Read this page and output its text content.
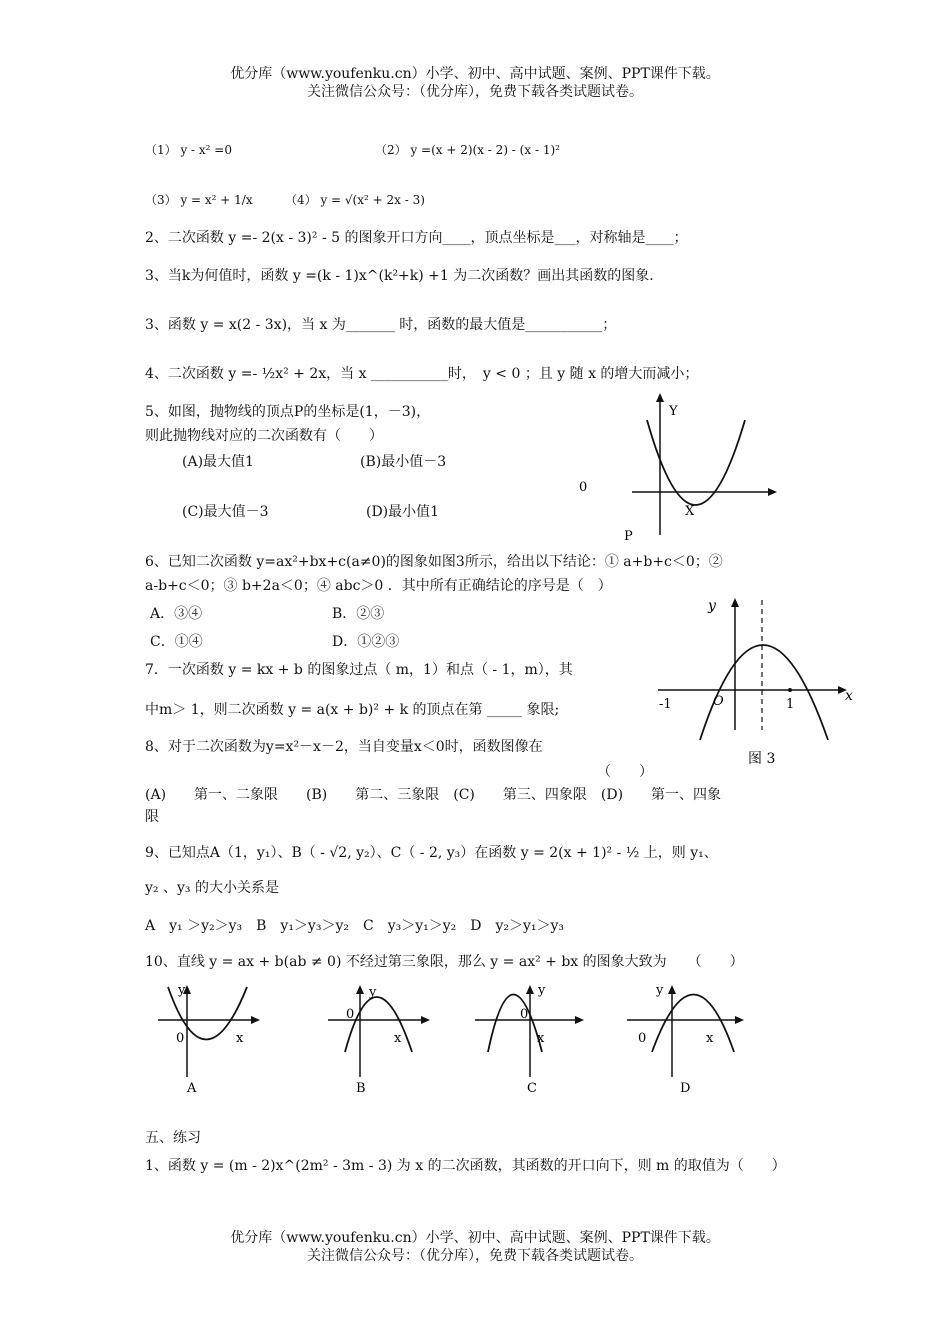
优分库（www.youfenku.cn）小学、初中、高中试题、案例、PPT课件下载。
关注微信公众号：（优分库），免费下载各类试题试卷。
（1） y - x² =0	（2） y =(x + 2)(x - 2) - (x - 1)²
（3） y = x² + 1/x	（4） y = √(x² + 2x - 3)
2、二次函数 y =- 2(x - 3)² - 5 的图象开口方向____，顶点坐标是___，对称轴是____；
3、当k为何值时，函数 y =(k - 1)x^(k²+k) +1 为二次函数？画出其函数的图象.
3、函数 y = x(2 - 3x)，当 x 为_______ 时，函数的最大值是___________；
4、二次函数 y =- ½x² + 2x，当 x ___________时，　y < 0 ；且 y 随 x 的增大而减小；
5、如图，抛物线的顶点P的坐标是(1，－3)，
则此抛物线对应的二次函数有（　　）
(A)最大值1	(B)最小值－3
(C)最大值－3	(D)最小值1
6、已知二次函数 y=ax²+bx+c(a≠0)的图象如图3所示，给出以下结论：① a+b+c＜0；②
a-b+c＜0；③ b+2a＜0；④ abc＞0 ．其中所有正确结论的序号是（　）
A．③④	B．②③
C．①④	D．①②③
7．一次函数 y = kx + b 的图象过点（ m，1）和点（ - 1，m），其
中m＞ 1，则二次函数 y = a(x + b)² + k 的顶点在第 _____ 象限;
8、对于二次函数为y=x²－x－2，当自变量x＜0时，函数图像在
（　　）
(A)　　第一、二象限　　(B)　　第二、三象限　(C)　　第三、四象限　(D)　　第一、四象
限
9、已知点A（1，y₁）、B（ - √2, y₂）、C（ - 2, y₃）在函数 y = 2(x + 1)² - ½ 上，则 y₁、
y₂ 、y₃ 的大小关系是
A　y₁ ＞y₂＞y₃　B　y₁＞y₃＞y₂　C　y₃＞y₁＞y₂　D　y₂＞y₁＞y₃
10、直线 y = ax + b(ab ≠ 0) 不经过第三象限，那么 y = ax² + bx 的图象大致为　　（　　）
五、练习
1、函数 y = (m - 2)x^(2m² - 3m - 3) 为 x 的二次函数，其函数的开口向下，则 m 的取值为（　　）
Y
X
0
P
y
x
O
-1	1
图 3
y
0	x
A
y
0
x
B
y
0
x
C
y
0	x
D
优分库（www.youfenku.cn）小学、初中、高中试题、案例、PPT课件下载。
关注微信公众号：（优分库），免费下载各类试题试卷。
